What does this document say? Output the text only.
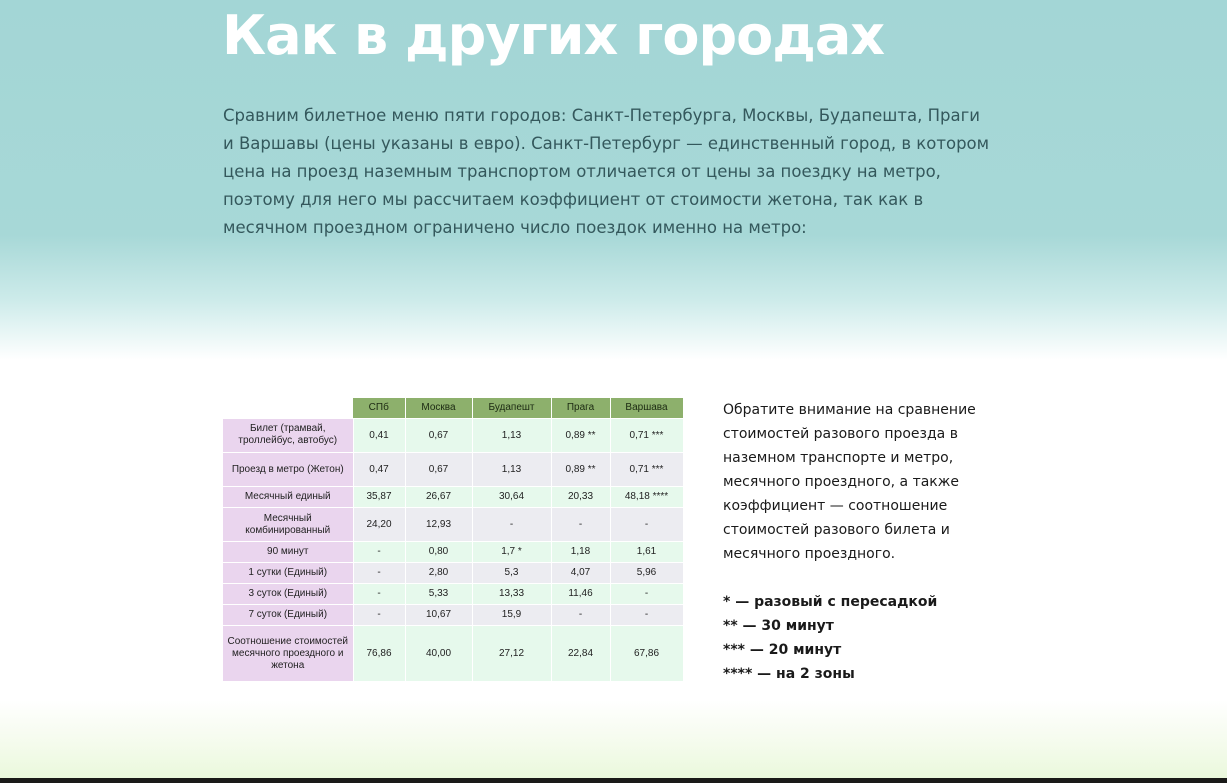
Как в других городах

Сравним билетное меню пяти городов: Санкт-Петербурга, Москвы, Будапешта, Праги и Варшавы (цены указаны в евро). Санкт-Петербург — единственный город, в котором цена на проезд наземным транспортом отличается от цены за поездку на метро, поэтому для него мы рассчитаем коэффициент от стоимости жетона, так как в месячном проездном ограничено число поездок именно на метро:

	СПб	Москва	Будапешт	Прага	Варшава
Билет (трамвай, троллейбус, автобус)	0,41	0,67	1,13	0,89 **	0,71 ***
Проезд в метро (Жетон)	0,47	0,67	1,13	0,89 **	0,71 ***
Месячный единый	35,87	26,67	30,64	20,33	48,18 ****
Месячный комбинированный	24,20	12,93	-	-	-
90 минут	-	0,80	1,7 *	1,18	1,61
1 сутки (Единый)	-	2,80	5,3	4,07	5,96
3 суток (Единый)	-	5,33	13,33	11,46	-
7 суток (Единый)	-	10,67	15,9	-	-
Соотношение стоимостей месячного проездного и жетона	76,86	40,00	27,12	22,84	67,86

Обратите внимание на сравнение стоимостей разового проезда в наземном транспорте и метро, месячного проездного, а также коэффициент — соотношение стоимостей разового билета и месячного проездного.

* — разовый с пересадкой
** — 30 минут
*** — 20 минут
**** — на 2 зоны
